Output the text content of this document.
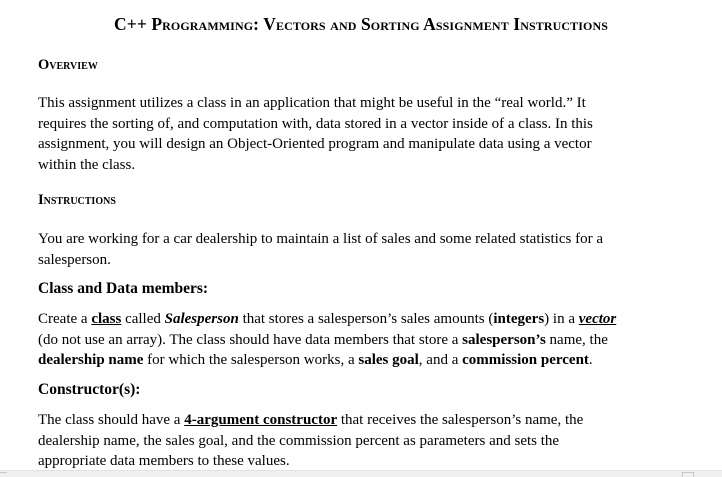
C++ Programming: Vectors and Sorting Assignment Instructions
Overview

This assignment utilizes a class in an application that might be useful in the “real world.” It
requires the sorting of, and computation with, data stored in a vector inside of a class. In this
assignment, you will design an Object-Oriented program and manipulate data using a vector
within the class.

Instructions

You are working for a car dealership to maintain a list of sales and some related statistics for a
salesperson.

Class and Data members:

Create a class called Salesperson that stores a salesperson’s sales amounts (integers) in a vector
(do not use an array). The class should have data members that store a salesperson’s name, the
dealership name for which the salesperson works, a sales goal, and a commission percent.

Constructor(s):

The class should have a 4-argument constructor that receives the salesperson’s name, the
dealership name, the sales goal, and the commission percent as parameters and sets the
appropriate data members to these values.
